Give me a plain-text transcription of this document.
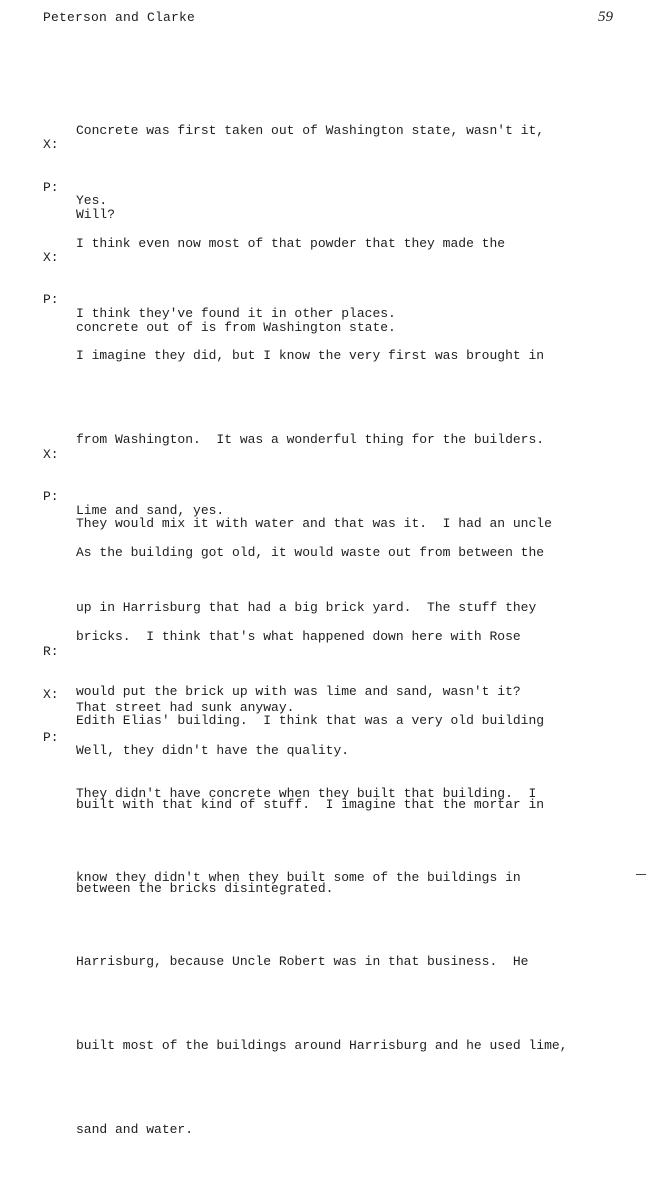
Peterson and Clarke	59

Concrete was first taken out of Washington state, wasn't it,

Will?

X:

Yes.

P:

I think even now most of that powder that they made the

concrete out of is from Washington state.

X:

I think they've found it in other places.

P:

I imagine they did, but I know the very first was brought in

from Washington.  It was a wonderful thing for the builders.

They would mix it with water and that was it.  I had an uncle

up in Harrisburg that had a big brick yard.  The stuff they

would put the brick up with was lime and sand, wasn't it?

X:

Lime and sand, yes.

P:

As the building got old, it would waste out from between the

bricks.  I think that's what happened down here with Rose

Edith Elias' building.  I think that was a very old building

built with that kind of stuff.  I imagine that the mortar in

between the bricks disintegrated.

R:

That street had sunk anyway.

X:

Well, they didn't have the quality.

P:

They didn't have concrete when they built that building.  I

know they didn't when they built some of the buildings in

Harrisburg, because Uncle Robert was in that business.  He

built most of the buildings around Harrisburg and he used lime,

sand and water.
